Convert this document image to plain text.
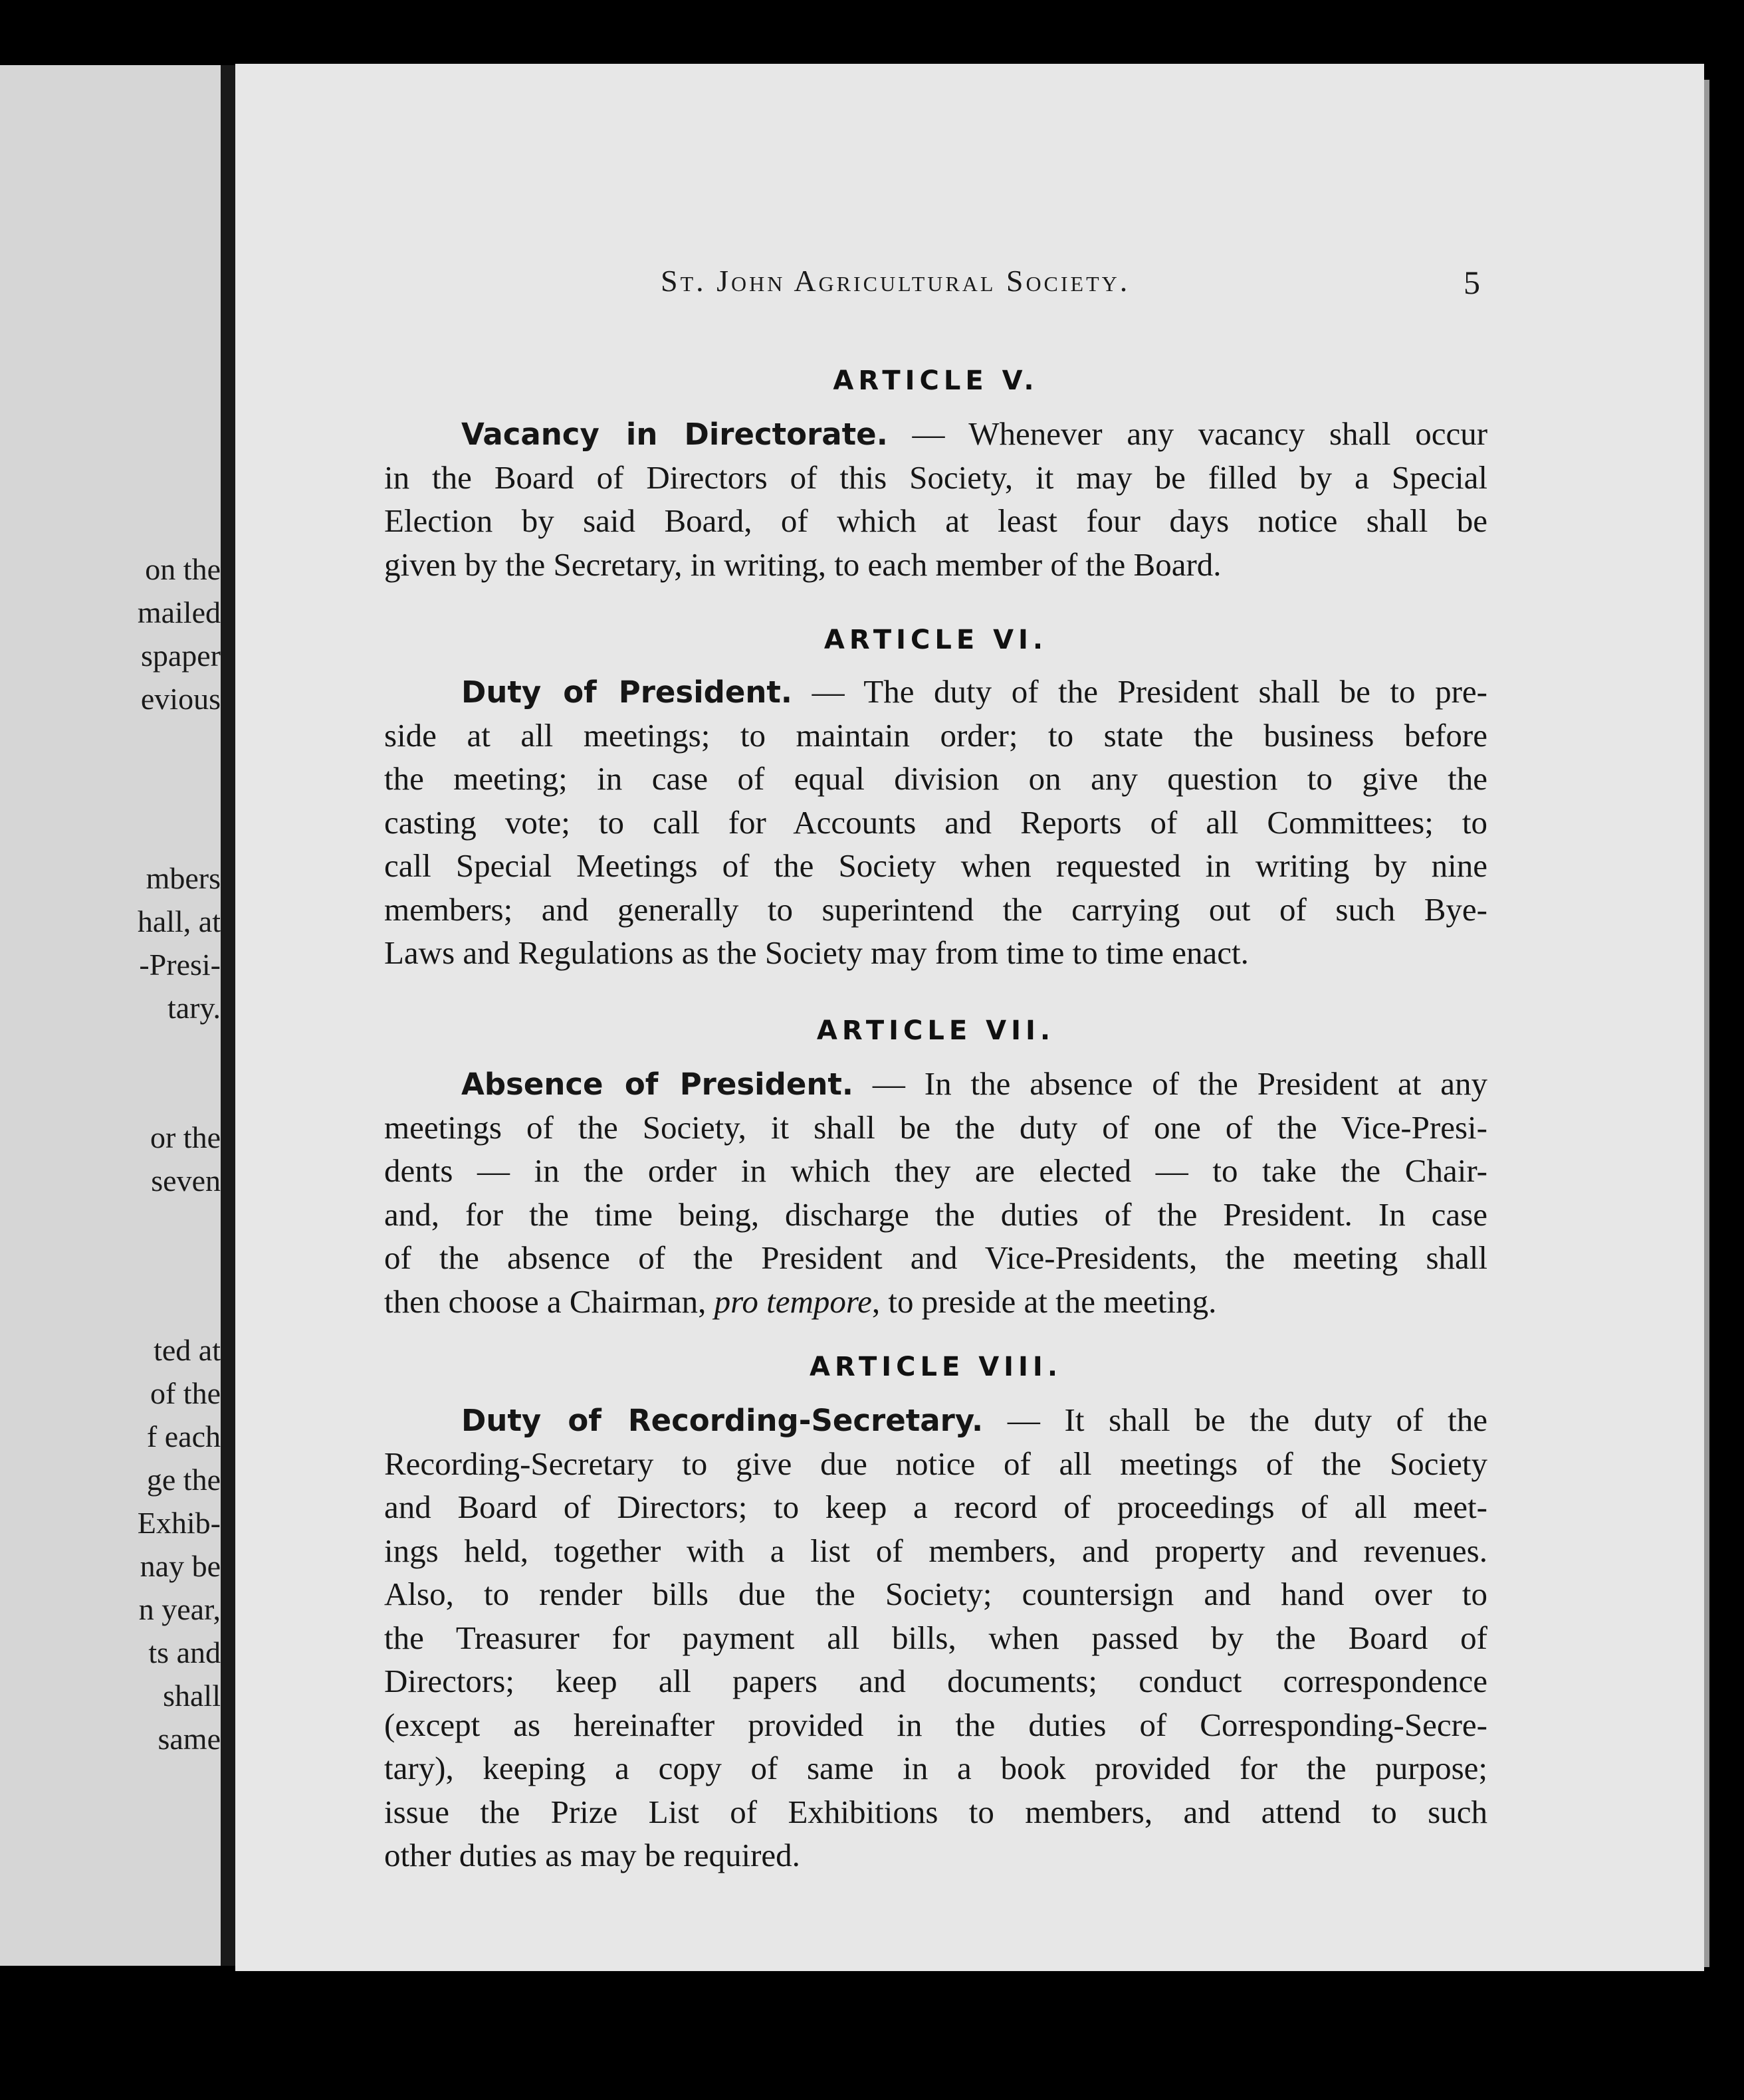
on the
mailed
spaper
evious
mbers
hall, at
-Presi-
tary.
or the
seven
ted at
of the
f each
ge the
Exhib-
nay be
n year,
ts and
shall
same
St. John Agricultural Society.	5
ARTICLE V.
Vacancy in Directorate. — Whenever any vacancy shall occur
in the Board of Directors of this Society, it may be filled by a Special
Election by said Board, of which at least four days notice shall be
given by the Secretary, in writing, to each member of the Board.
ARTICLE VI.
Duty of President. — The duty of the President shall be to pre-
side at all meetings; to maintain order; to state the business before
the meeting; in case of equal division on any question to give the
casting vote; to call for Accounts and Reports of all Committees; to
call Special Meetings of the Society when requested in writing by nine
members; and generally to superintend the carrying out of such Bye-
Laws and Regulations as the Society may from time to time enact.
ARTICLE VII.
Absence of President. — In the absence of the President at any
meetings of the Society, it shall be the duty of one of the Vice-Presi-
dents — in the order in which they are elected — to take the Chair-
and, for the time being, discharge the duties of the President. In case
of the absence of the President and Vice-Presidents, the meeting shall
then choose a Chairman, pro tempore, to preside at the meeting.
ARTICLE VIII.
Duty of Recording-Secretary. — It shall be the duty of the
Recording-Secretary to give due notice of all meetings of the Society
and Board of Directors; to keep a record of proceedings of all meet-
ings held, together with a list of members, and property and revenues.
Also, to render bills due the Society; countersign and hand over to
the Treasurer for payment all bills, when passed by the Board of
Directors; keep all papers and documents; conduct correspondence
(except as hereinafter provided in the duties of Corresponding-Secre-
tary), keeping a copy of same in a book provided for the purpose;
issue the Prize List of Exhibitions to members, and attend to such
other duties as may be required.
